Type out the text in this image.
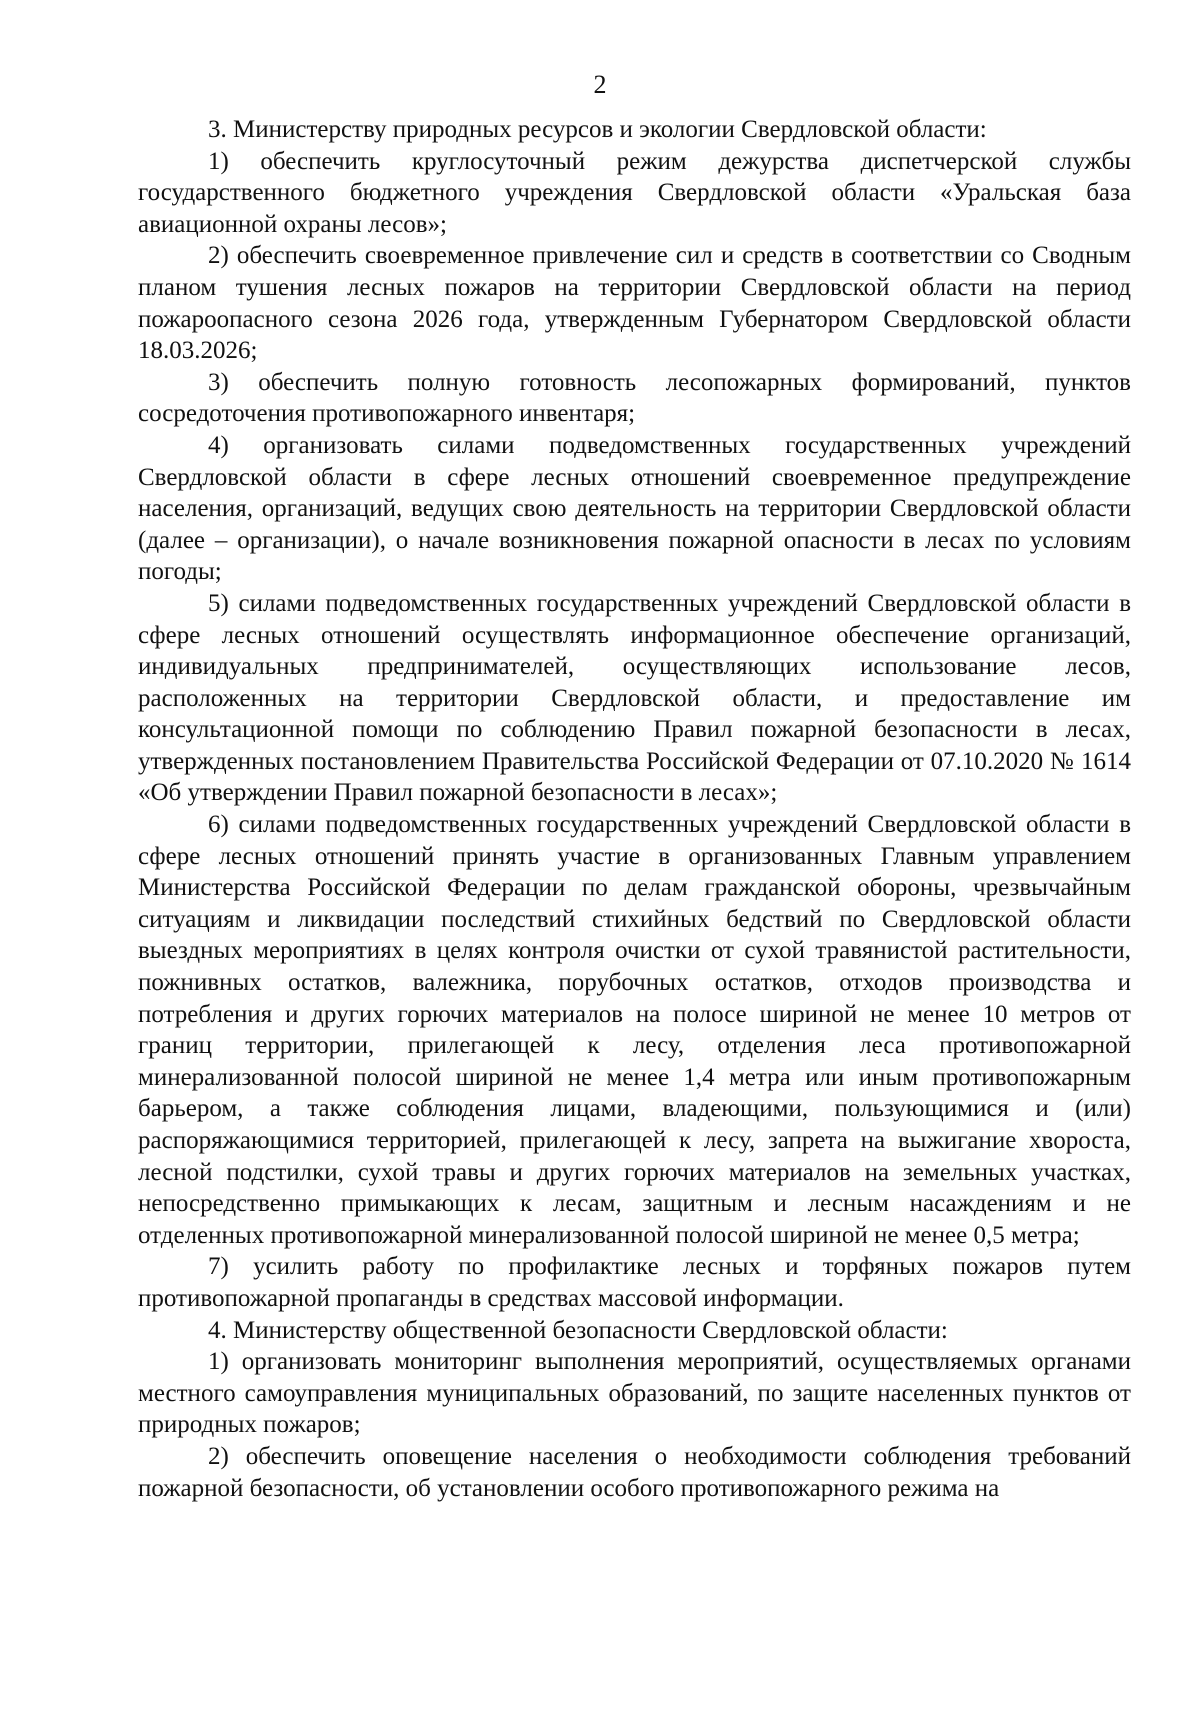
2

3. Министерству природных ресурсов и экологии Свердловской области:

1) обеспечить круглосуточный режим дежурства диспетчерской службы государственного бюджетного учреждения Свердловской области «Уральская база авиационной охраны лесов»;

2) обеспечить своевременное привлечение сил и средств в соответствии со Сводным планом тушения лесных пожаров на территории Свердловской области на период пожароопасного сезона 2026 года, утвержденным Губернатором Свердловской области 18.03.2026;

3) обеспечить полную готовность лесопожарных формирований, пунктов сосредоточения противопожарного инвентаря;

4) организовать силами подведомственных государственных учреждений Свердловской области в сфере лесных отношений своевременное предупреждение населения, организаций, ведущих свою деятельность на территории Свердловской области (далее – организации), о начале возникновения пожарной опасности в лесах по условиям погоды;

5) силами подведомственных государственных учреждений Свердловской области в сфере лесных отношений осуществлять информационное обеспечение организаций, индивидуальных предпринимателей, осуществляющих использование лесов, расположенных на территории Свердловской области, и предоставление им консультационной помощи по соблюдению Правил пожарной безопасности в лесах, утвержденных постановлением Правительства Российской Федерации от 07.10.2020 № 1614 «Об утверждении Правил пожарной безопасности в лесах»;

6) силами подведомственных государственных учреждений Свердловской области в сфере лесных отношений принять участие в организованных Главным управлением Министерства Российской Федерации по делам гражданской обороны, чрезвычайным ситуациям и ликвидации последствий стихийных бедствий по Свердловской области выездных мероприятиях в целях контроля очистки от сухой травянистой растительности, пожнивных остатков, валежника, порубочных остатков, отходов производства и потребления и других горючих материалов на полосе шириной не менее 10 метров от границ территории, прилегающей к лесу, отделения леса противопожарной минерализованной полосой шириной не менее 1,4 метра или иным противопожарным барьером, а также соблюдения лицами, владеющими, пользующимися и (или) распоряжающимися территорией, прилегающей к лесу, запрета на выжигание хвороста, лесной подстилки, сухой травы и других горючих материалов на земельных участках, непосредственно примыкающих к лесам, защитным и лесным насаждениям и не отделенных противопожарной минерализованной полосой шириной не менее 0,5 метра;

7) усилить работу по профилактике лесных и торфяных пожаров путем противопожарной пропаганды в средствах массовой информации.

4. Министерству общественной безопасности Свердловской области:

1) организовать мониторинг выполнения мероприятий, осуществляемых органами местного самоуправления муниципальных образований, по защите населенных пунктов от природных пожаров;

2) обеспечить оповещение населения о необходимости соблюдения требований пожарной безопасности, об установлении особого противопожарного режима на
